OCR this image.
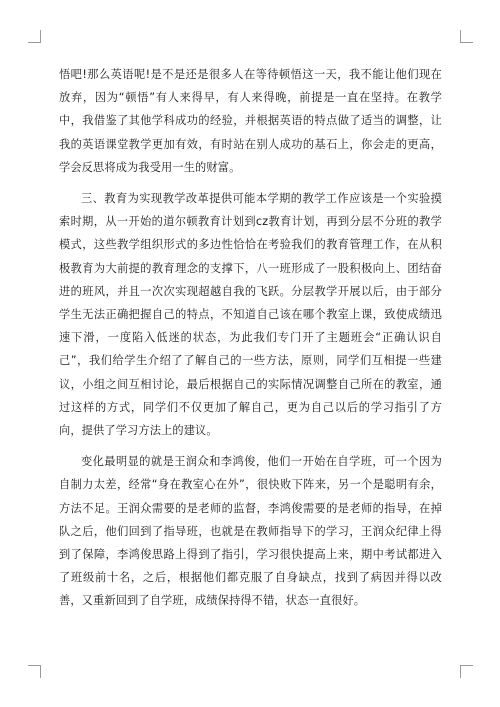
悟吧!那么英语呢!是不是还是很多人在等待顿悟这一天，我不能让他们现在放弃，因为“顿悟”有人来得早，有人来得晚，前提是一直在坚持。在教学中，我借鉴了其他学科成功的经验，并根据英语的特点做了适当的调整，让我的英语课堂教学更加有效，有时站在别人成功的基石上，你会走的更高，学会反思将成为我受用一生的财富。

三、教育为实现教学改革提供可能本学期的教学工作应该是一个实验摸索时期，从一开始的道尔顿教育计划到cz教育计划，再到分层不分班的教学模式，这些教学组织形式的多边性恰恰在考验我们的教育管理工作，在从积极教育为大前提的教育理念的支撑下，八一班形成了一股积极向上、团结奋进的班风，并且一次次实现超越自我的飞跃。分层教学开展以后，由于部分学生无法正确把握自己的特点，不知道自己该在哪个教室上课，致使成绩迅速下滑，一度陷入低迷的状态，为此我们专门开了主题班会“正确认识自己”，我们给学生介绍了了解自己的一些方法，原则，同学们互相提一些建议，小组之间互相讨论，最后根据自己的实际情况调整自己所在的教室，通过这样的方式，同学们不仅更加了解自己，更为自己以后的学习指引了方向，提供了学习方法上的建议。

变化最明显的就是王润众和李鸿俊，他们一开始在自学班，可一个因为自制力太差，经常“身在教室心在外”，很快败下阵来，另一个是聪明有余，方法不足。王润众需要的是老师的监督，李鸿俊需要的是老师的指导，在掉队之后，他们回到了指导班，也就是在教师指导下的学习，王润众纪律上得到了保障，李鸿俊思路上得到了指引，学习很快提高上来，期中考试都进入了班级前十名，之后，根据他们都克服了自身缺点，找到了病因并得以改善，又重新回到了自学班，成绩保持得不错，状态一直很好。
